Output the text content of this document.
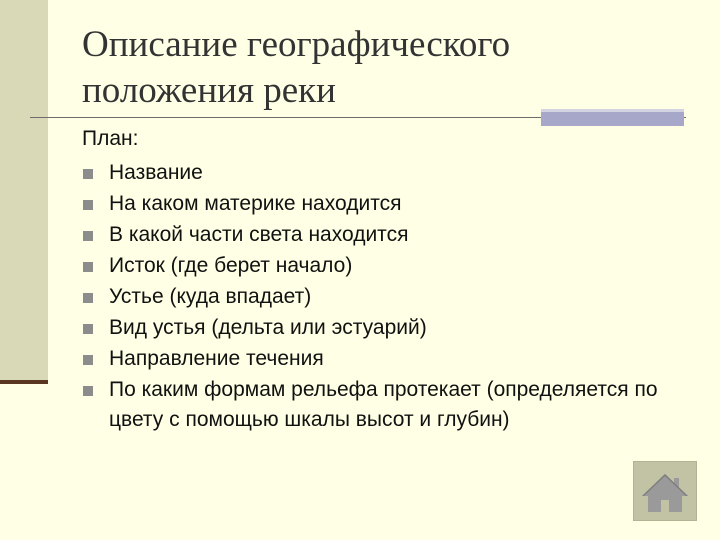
Описание географического положения реки
План:
Название
На каком материке находится
В какой части света находится
Исток (где берет начало)
Устье (куда впадает)
Вид устья (дельта или эстуарий)
Направление течения
По каким формам рельефа протекает (определяется по цвету с помощью шкалы высот и глубин)
